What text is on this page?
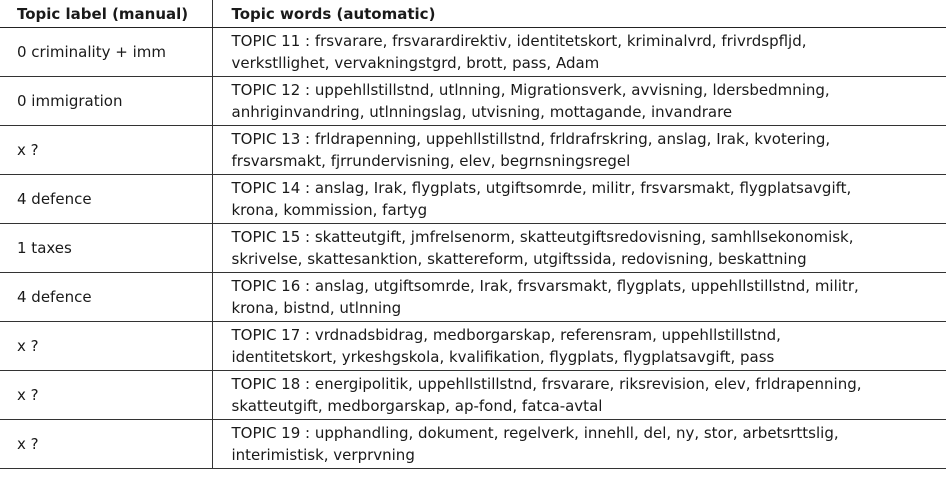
Topic label (manual)	Topic words (automatic)
0 criminality + imm	TOPIC 11 : frsvarare, frsvarardirektiv, identitetskort, kriminalvrd, frivrdspfljd,
verkstllighet, vervakningstgrd, brott, pass, Adam

0 immigration	TOPIC 12 : uppehllstillstnd, utlnning, Migrationsverk, avvisning, ldersbedmning,
anhriginvandring, utlnningslag, utvisning, mottagande, invandrare

x ?	TOPIC 13 : frldrapenning, uppehllstillstnd, frldrafrskring, anslag, Irak, kvotering,
frsvarsmakt, fjrrundervisning, elev, begrnsningsregel

4 defence	TOPIC 14 : anslag, Irak, flygplats, utgiftsomrde, militr, frsvarsmakt, flygplatsavgift,
krona, kommission, fartyg

1 taxes	TOPIC 15 : skatteutgift, jmfrelsenorm, skatteutgiftsredovisning, samhllsekonomisk,
skrivelse, skattesanktion, skattereform, utgiftssida, redovisning, beskattning

4 defence	TOPIC 16 : anslag, utgiftsomrde, Irak, frsvarsmakt, flygplats, uppehllstillstnd, militr,
krona, bistnd, utlnning

x ?	TOPIC 17 : vrdnadsbidrag, medborgarskap, referensram, uppehllstillstnd,
identitetskort, yrkeshgskola, kvalifikation, flygplats, flygplatsavgift, pass

x ?	TOPIC 18 : energipolitik, uppehllstillstnd, frsvarare, riksrevision, elev, frldrapenning,
skatteutgift, medborgarskap, ap-fond, fatca-avtal

x ?	TOPIC 19 : upphandling, dokument, regelverk, innehll, del, ny, stor, arbetsrttslig,
interimistisk, verprvning
